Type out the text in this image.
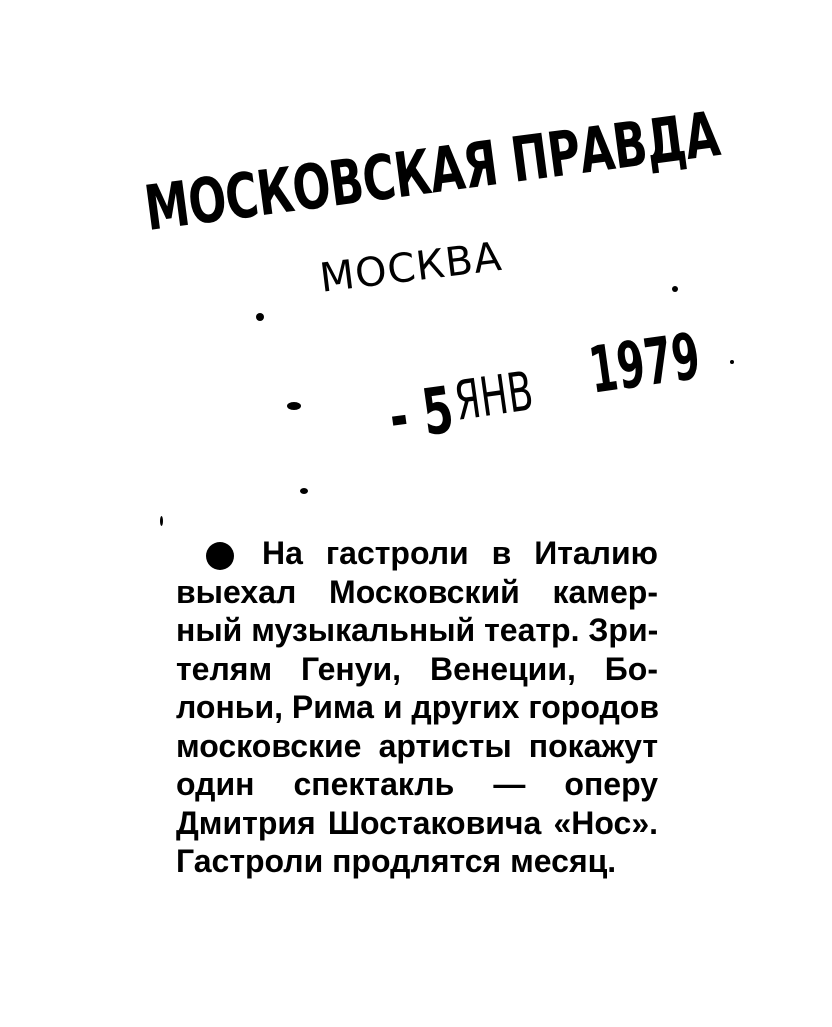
МОСКОВСКАЯ ПРАВДА
МОСКВА
- 5
ЯНВ 1979
На гастроли в Италию
выехал Московский камер-
ный музыкальный театр. Зри-
телям Генуи, Венеции, Бо-
лоньи, Рима и других городов
московские артисты покажут
один спектакль — оперу
Дмитрия Шостаковича «Нос».
Гастроли продлятся месяц.
